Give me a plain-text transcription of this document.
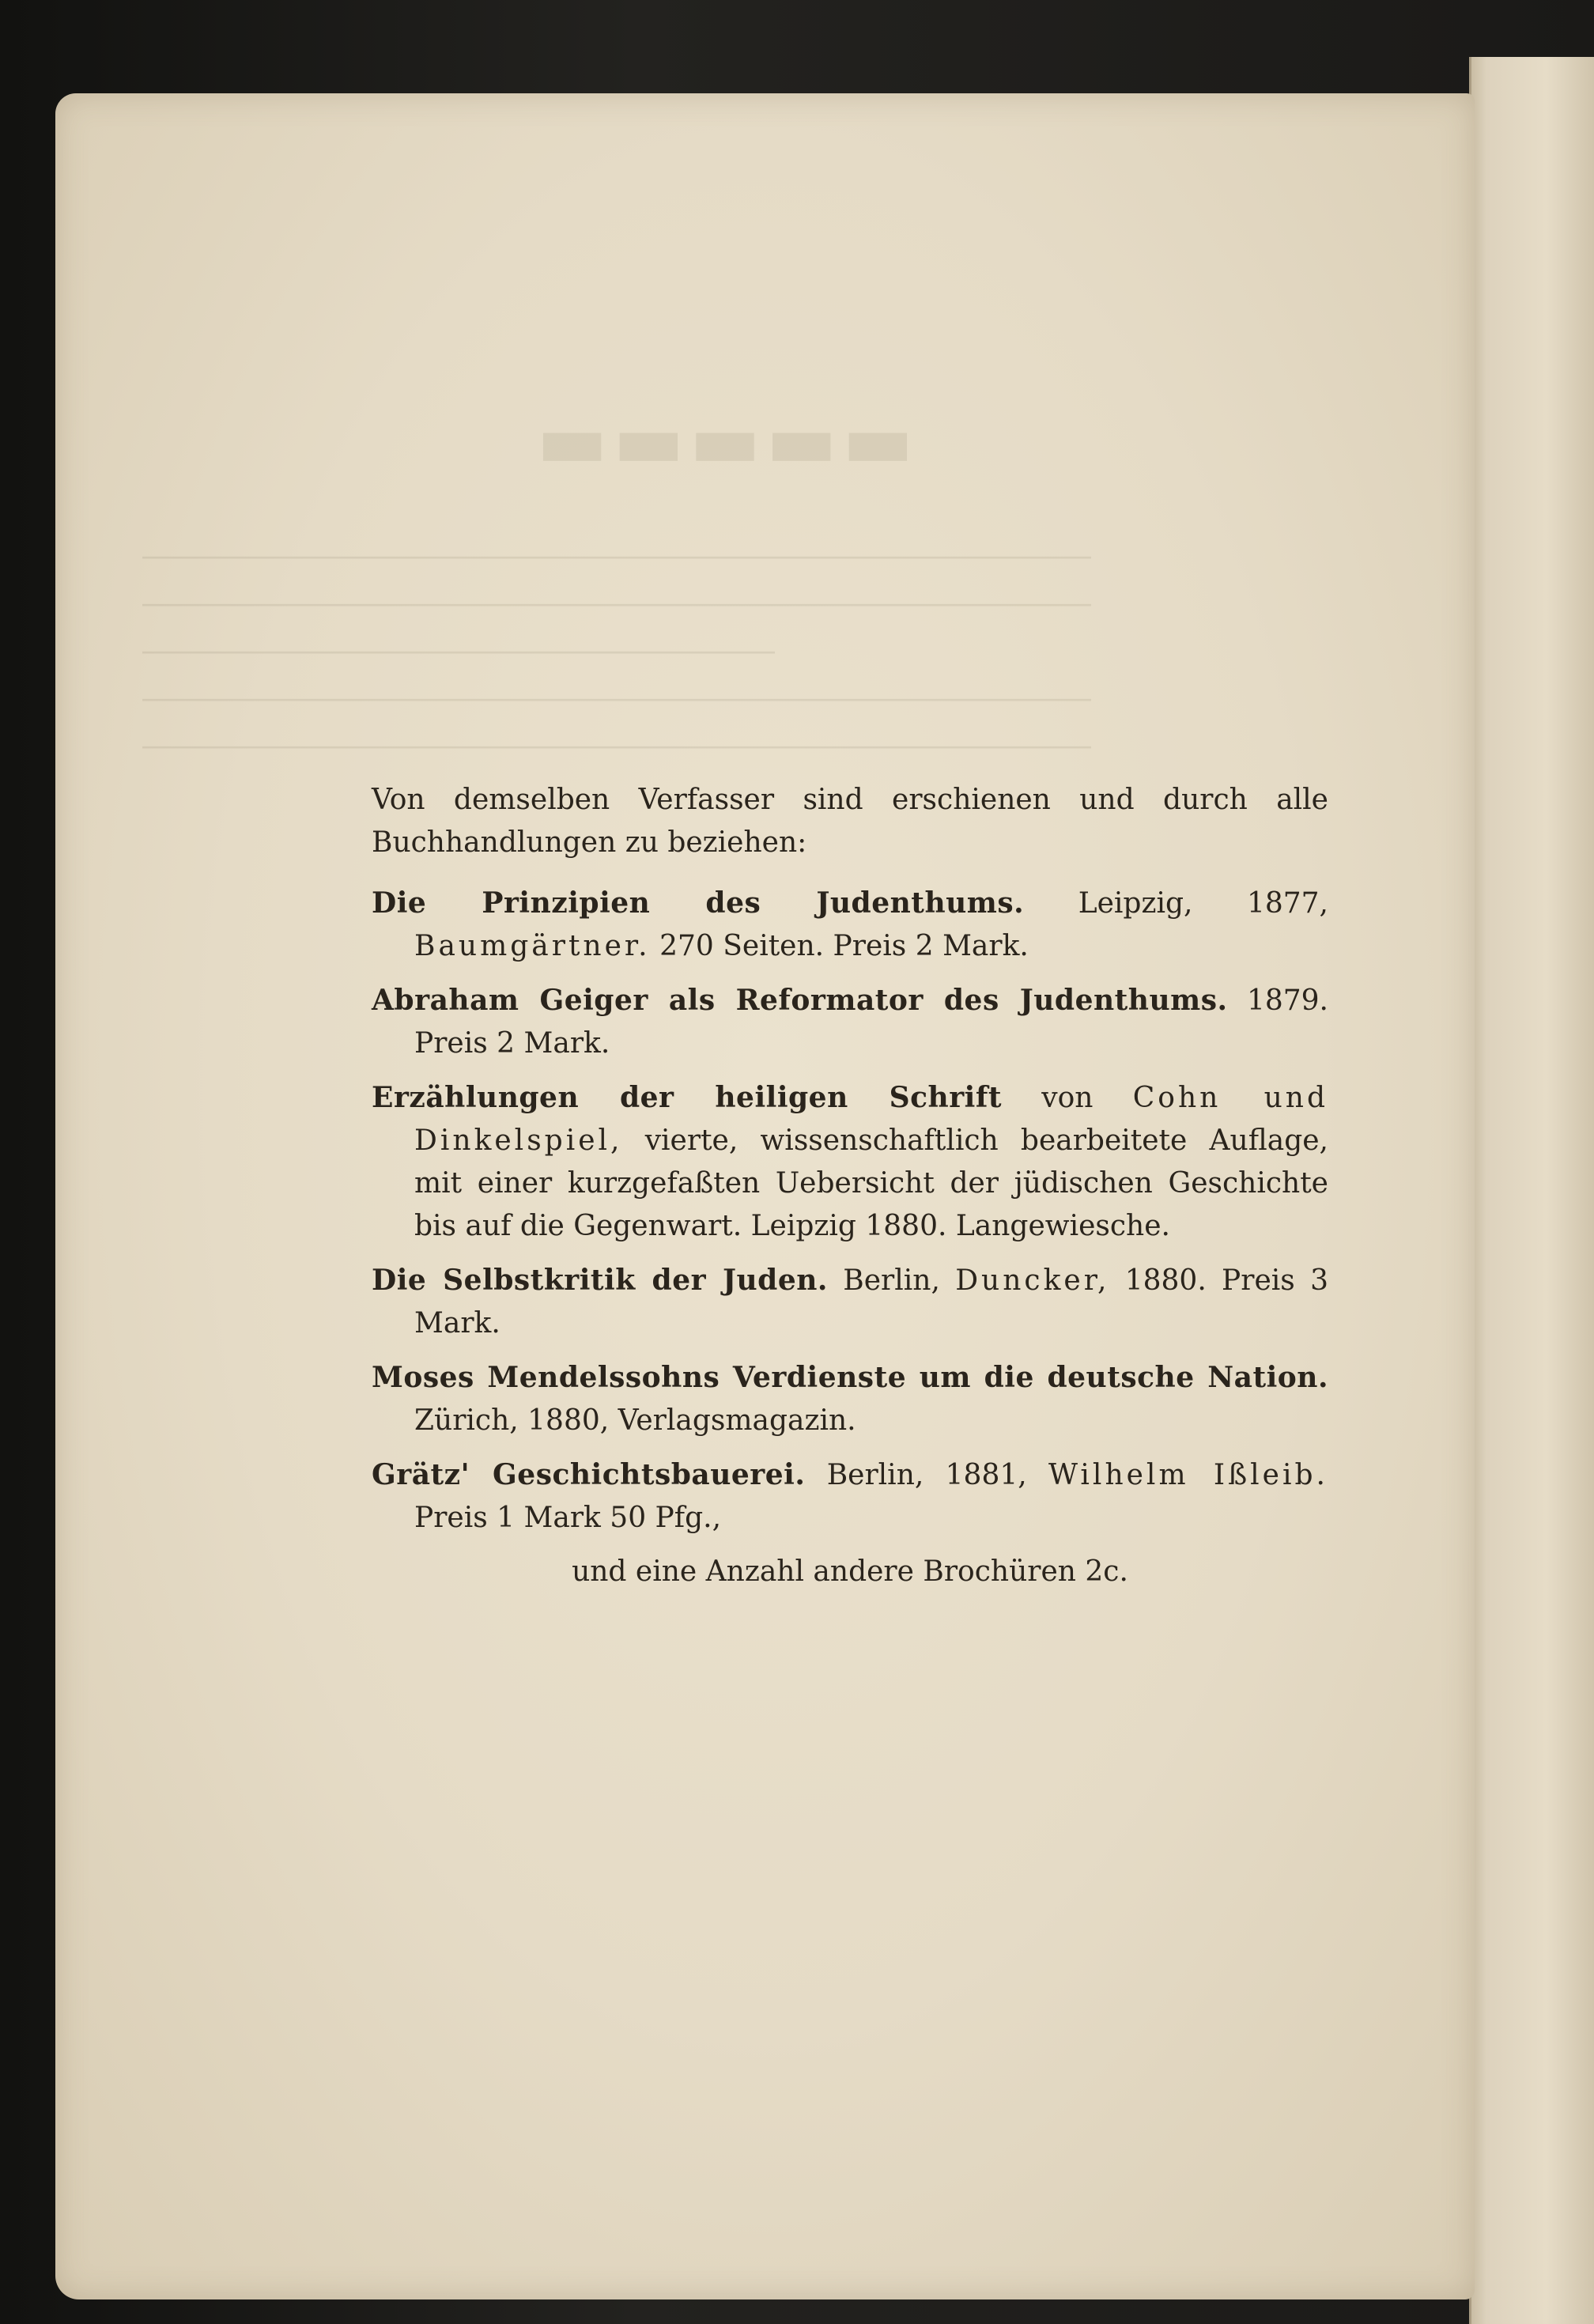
Von demselben Verfasser sind erschienen und durch alle Buchhandlungen zu beziehen:

Die Prinzipien des Judenthums. Leipzig, 1877, Baumgärtner. 270 Seiten. Preis 2 Mark.

Abraham Geiger als Reformator des Judenthums. 1879. Preis 2 Mark.

Erzählungen der heiligen Schrift von Cohn und Dinkelspiel, vierte, wissenschaftlich bearbeitete Auflage, mit einer kurzgefaßten Uebersicht der jüdischen Geschichte bis auf die Gegenwart. Leipzig 1880. Langewiesche.

Die Selbstkritik der Juden. Berlin, Duncker, 1880. Preis 3 Mark.

Moses Mendelssohns Verdienste um die deutsche Nation. Zürich, 1880, Verlagsmagazin.

Grätz' Geschichtsbauerei. Berlin, 1881, Wilhelm Ißleib. Preis 1 Mark 50 Pfg.,

und eine Anzahl andere Brochüren 2c.
